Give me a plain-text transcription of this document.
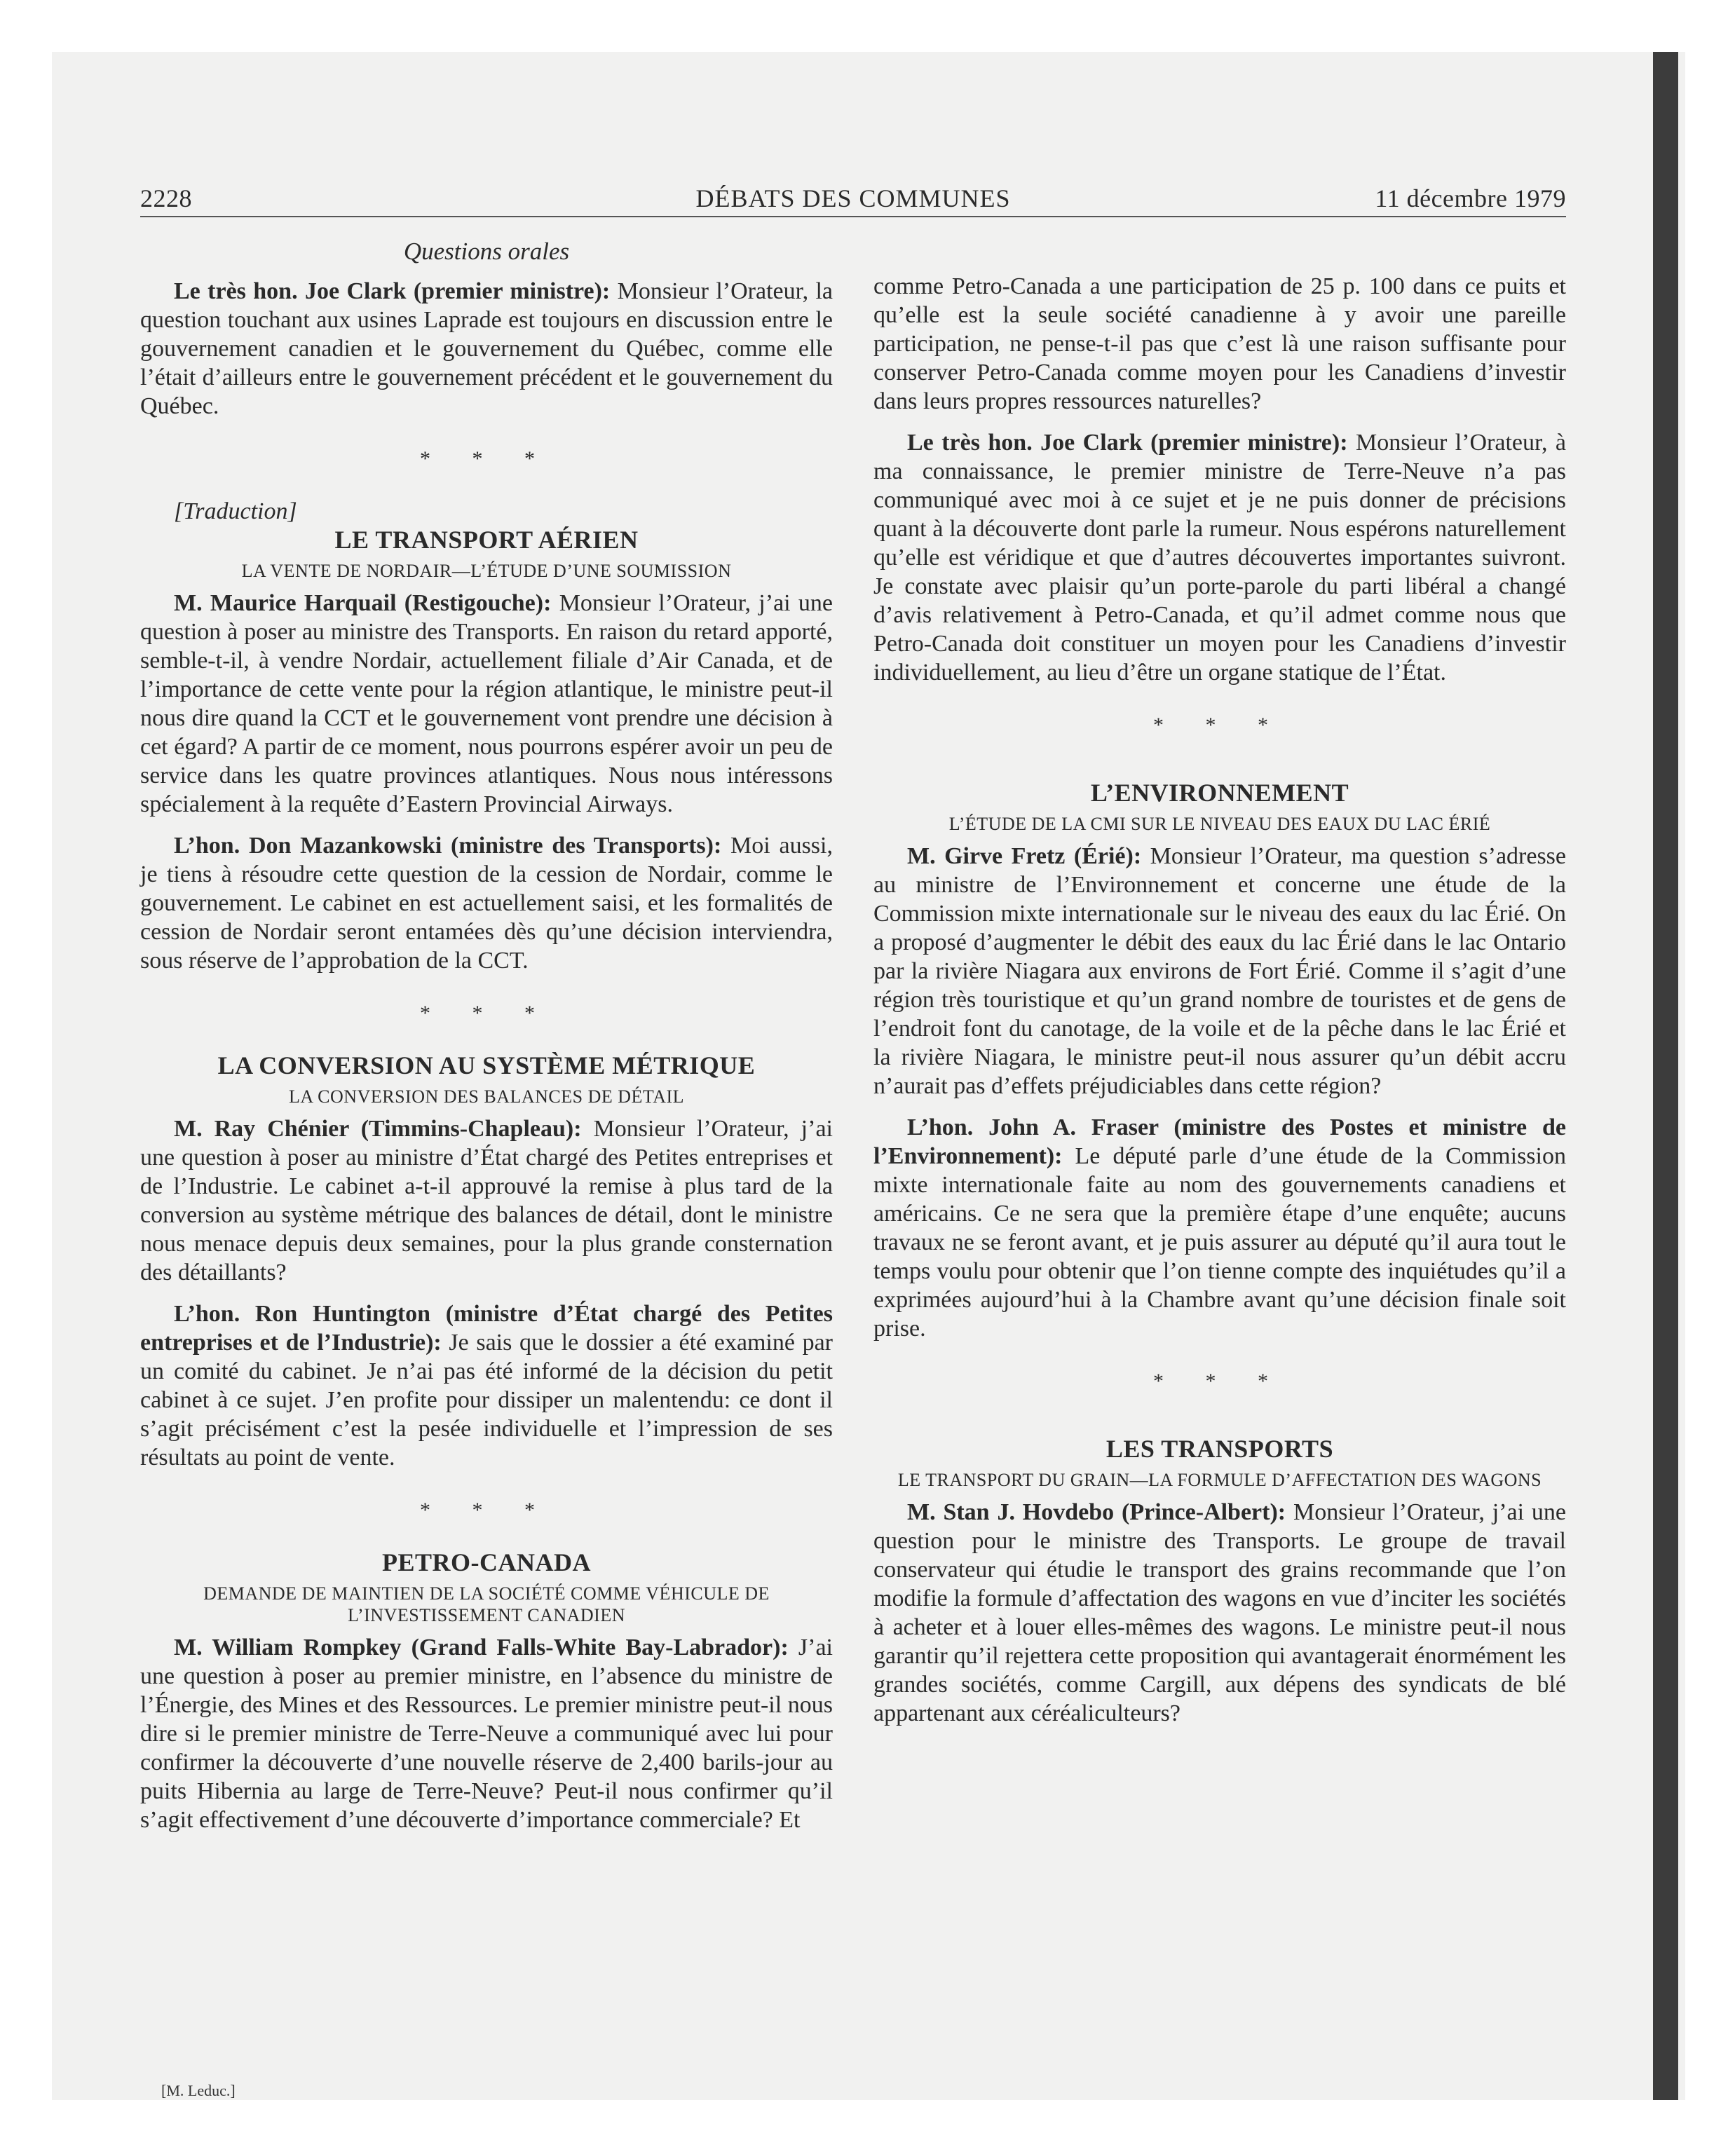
2228	DÉBATS DES COMMUNES	11 décembre 1979
Questions orales

Le très hon. Joe Clark (premier ministre): Monsieur l’Orateur, la question touchant aux usines Laprade est toujours en discussion entre le gouvernement canadien et le gouvernement du Québec, comme elle l’était d’ailleurs entre le gouvernement précédent et le gouvernement du Québec.

* * *

[Traduction]

LE TRANSPORT AÉRIEN
LA VENTE DE NORDAIR—L’ÉTUDE D’UNE SOUMISSION

M. Maurice Harquail (Restigouche): Monsieur l’Orateur, j’ai une question à poser au ministre des Transports. En raison du retard apporté, semble-t-il, à vendre Nordair, actuellement filiale d’Air Canada, et de l’importance de cette vente pour la région atlantique, le ministre peut-il nous dire quand la CCT et le gouvernement vont prendre une décision à cet égard? A partir de ce moment, nous pourrons espérer avoir un peu de service dans les quatre provinces atlantiques. Nous nous intéressons spécialement à la requête d’Eastern Provincial Airways.

L’hon. Don Mazankowski (ministre des Transports): Moi aussi, je tiens à résoudre cette question de la cession de Nordair, comme le gouvernement. Le cabinet en est actuellement saisi, et les formalités de cession de Nordair seront entamées dès qu’une décision interviendra, sous réserve de l’approbation de la CCT.

* * *
LA CONVERSION AU SYSTÈME MÉTRIQUE
LA CONVERSION DES BALANCES DE DÉTAIL

M. Ray Chénier (Timmins-Chapleau): Monsieur l’Orateur, j’ai une question à poser au ministre d’État chargé des Petites entreprises et de l’Industrie. Le cabinet a-t-il approuvé la remise à plus tard de la conversion au système métrique des balances de détail, dont le ministre nous menace depuis deux semaines, pour la plus grande consternation des détaillants?

L’hon. Ron Huntington (ministre d’État chargé des Petites entreprises et de l’Industrie): Je sais que le dossier a été examiné par un comité du cabinet. Je n’ai pas été informé de la décision du petit cabinet à ce sujet. J’en profite pour dissiper un malentendu: ce dont il s’agit précisément c’est la pesée individuelle et l’impression de ses résultats au point de vente.

* * *
PETRO-CANADA
DEMANDE DE MAINTIEN DE LA SOCIÉTÉ COMME VÉHICULE DE L’INVESTISSEMENT CANADIEN

M. William Rompkey (Grand Falls-White Bay-Labrador): J’ai une question à poser au premier ministre, en l’absence du ministre de l’Énergie, des Mines et des Ressources. Le premier ministre peut-il nous dire si le premier ministre de Terre-Neuve a communiqué avec lui pour confirmer la découverte d’une nouvelle réserve de 2,400 barils-jour au puits Hibernia au large de Terre-Neuve? Peut-il nous confirmer qu’il s’agit effectivement d’une découverte d’importance commerciale? Et

comme Petro-Canada a une participation de 25 p. 100 dans ce puits et qu’elle est la seule société canadienne à y avoir une pareille participation, ne pense-t-il pas que c’est là une raison suffisante pour conserver Petro-Canada comme moyen pour les Canadiens d’investir dans leurs propres ressources naturelles?

Le très hon. Joe Clark (premier ministre): Monsieur l’Orateur, à ma connaissance, le premier ministre de Terre-Neuve n’a pas communiqué avec moi à ce sujet et je ne puis donner de précisions quant à la découverte dont parle la rumeur. Nous espérons naturellement qu’elle est véridique et que d’autres découvertes importantes suivront. Je constate avec plaisir qu’un porte-parole du parti libéral a changé d’avis relativement à Petro-Canada, et qu’il admet comme nous que Petro-Canada doit constituer un moyen pour les Canadiens d’investir individuellement, au lieu d’être un organe statique de l’État.

* * *
L’ENVIRONNEMENT
L’ÉTUDE DE LA CMI SUR LE NIVEAU DES EAUX DU LAC ÉRIÉ

M. Girve Fretz (Érié): Monsieur l’Orateur, ma question s’adresse au ministre de l’Environnement et concerne une étude de la Commission mixte internationale sur le niveau des eaux du lac Érié. On a proposé d’augmenter le débit des eaux du lac Érié dans le lac Ontario par la rivière Niagara aux environs de Fort Érié. Comme il s’agit d’une région très touristique et qu’un grand nombre de touristes et de gens de l’endroit font du canotage, de la voile et de la pêche dans le lac Érié et la rivière Niagara, le ministre peut-il nous assurer qu’un débit accru n’aurait pas d’effets préjudiciables dans cette région?

L’hon. John A. Fraser (ministre des Postes et ministre de l’Environnement): Le député parle d’une étude de la Commission mixte internationale faite au nom des gouvernements canadiens et américains. Ce ne sera que la première étape d’une enquête; aucuns travaux ne se feront avant, et je puis assurer au député qu’il aura tout le temps voulu pour obtenir que l’on tienne compte des inquiétudes qu’il a exprimées aujourd’hui à la Chambre avant qu’une décision finale soit prise.

* * *
LES TRANSPORTS
LE TRANSPORT DU GRAIN—LA FORMULE D’AFFECTATION DES WAGONS

M. Stan J. Hovdebo (Prince-Albert): Monsieur l’Orateur, j’ai une question pour le ministre des Transports. Le groupe de travail conservateur qui étudie le transport des grains recommande que l’on modifie la formule d’affectation des wagons en vue d’inciter les sociétés à acheter et à louer elles-mêmes des wagons. Le ministre peut-il nous garantir qu’il rejettera cette proposition qui avantagerait énormément les grandes sociétés, comme Cargill, aux dépens des syndicats de blé appartenant aux céréaliculteurs?

[M. Leduc.]
